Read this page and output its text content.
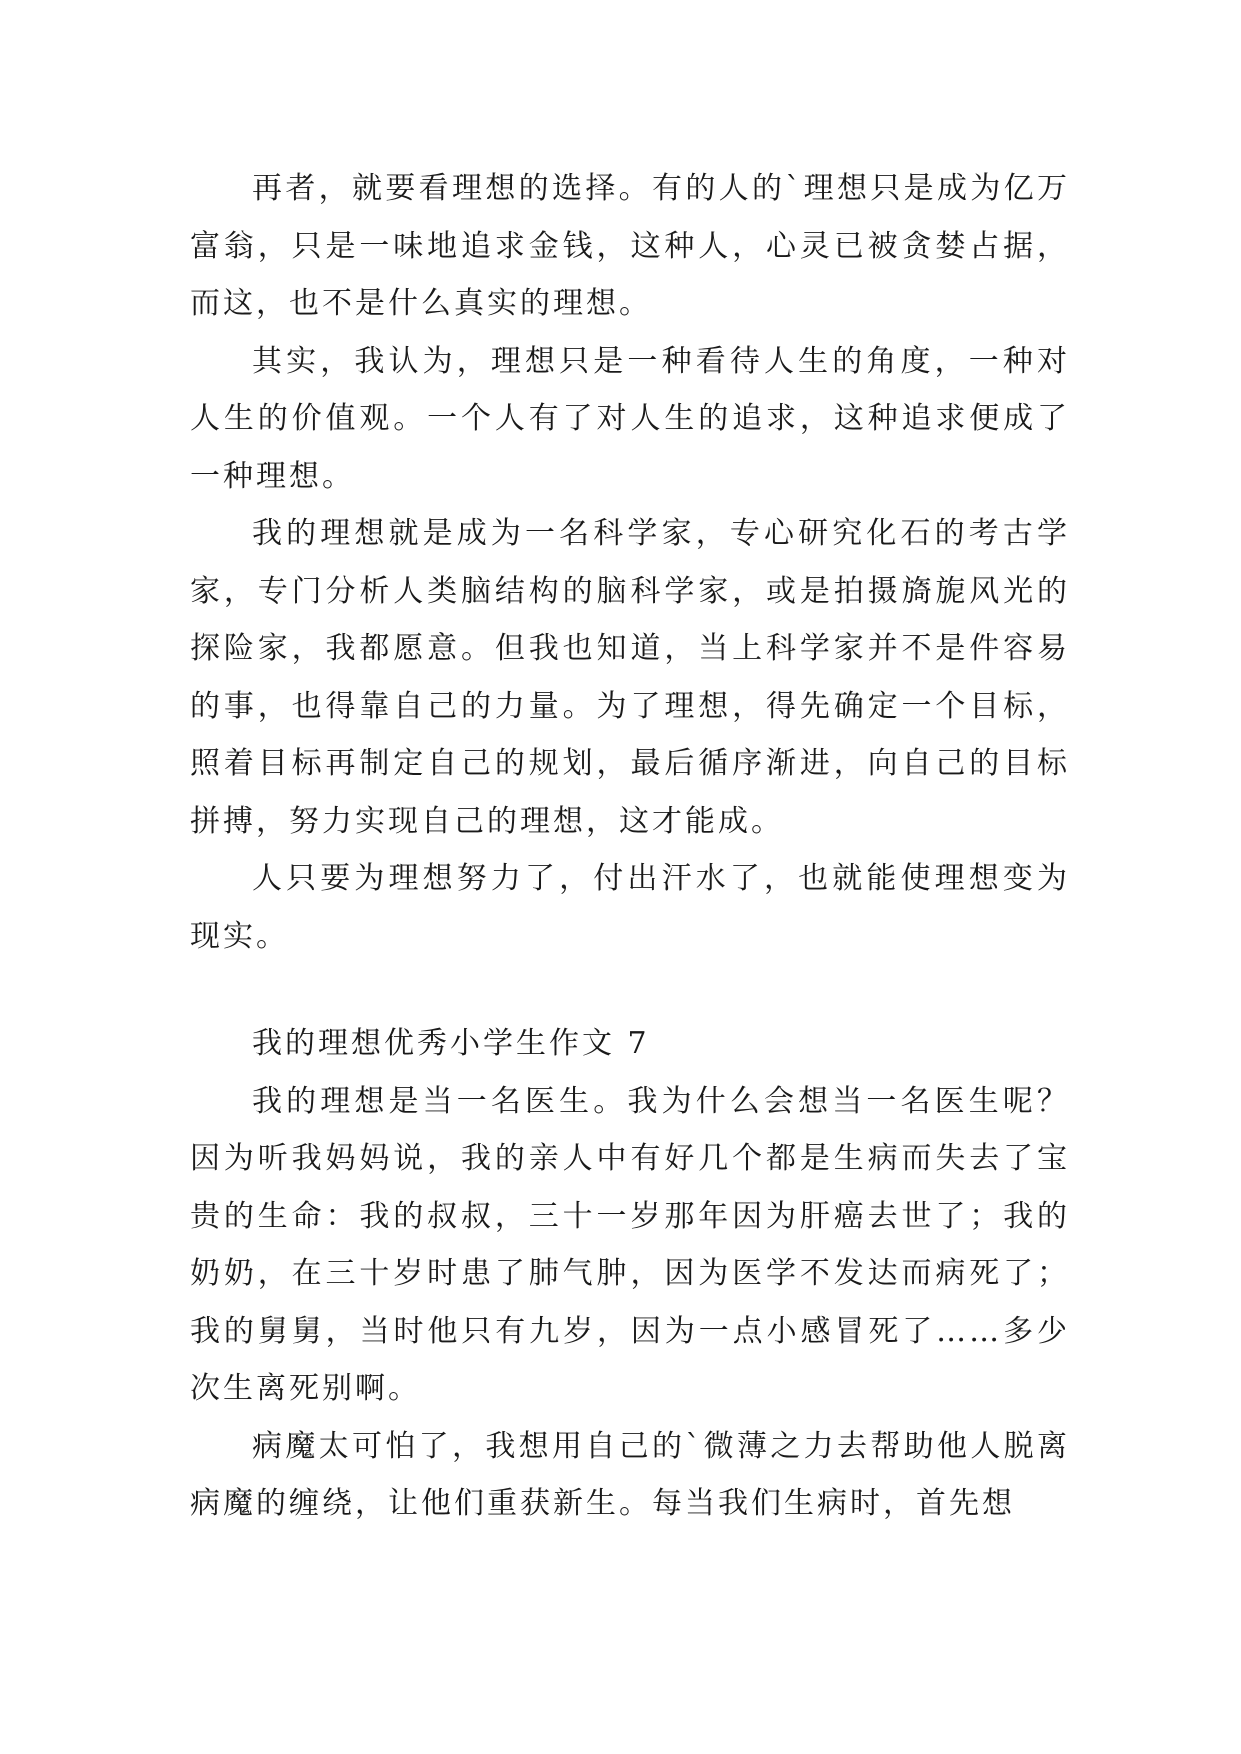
再者，就要看理想的选择。有的人的`理想只是成为亿万富翁，只是一味地追求金钱，这种人，心灵已被贪婪占据，而这，也不是什么真实的理想。

其实，我认为，理想只是一种看待人生的角度，一种对人生的价值观。一个人有了对人生的追求，这种追求便成了一种理想。

我的理想就是成为一名科学家，专心研究化石的考古学家，专门分析人类脑结构的脑科学家，或是拍摄旖旎风光的探险家，我都愿意。但我也知道，当上科学家并不是件容易的事，也得靠自己的力量。为了理想，得先确定一个目标，照着目标再制定自己的规划，最后循序渐进，向自己的目标拼搏，努力实现自己的理想，这才能成。

人只要为理想努力了，付出汗水了，也就能使理想变为现实。

我的理想优秀小学生作文 7

我的理想是当一名医生。我为什么会想当一名医生呢？因为听我妈妈说，我的亲人中有好几个都是生病而失去了宝贵的生命：我的叔叔，三十一岁那年因为肝癌去世了；我的奶奶，在三十岁时患了肺气肿，因为医学不发达而病死了；我的舅舅，当时他只有九岁，因为一点小感冒死了……多少次生离死别啊。

病魔太可怕了，我想用自己的`微薄之力去帮助他人脱离病魔的缠绕，让他们重获新生。每当我们生病时，首先想
